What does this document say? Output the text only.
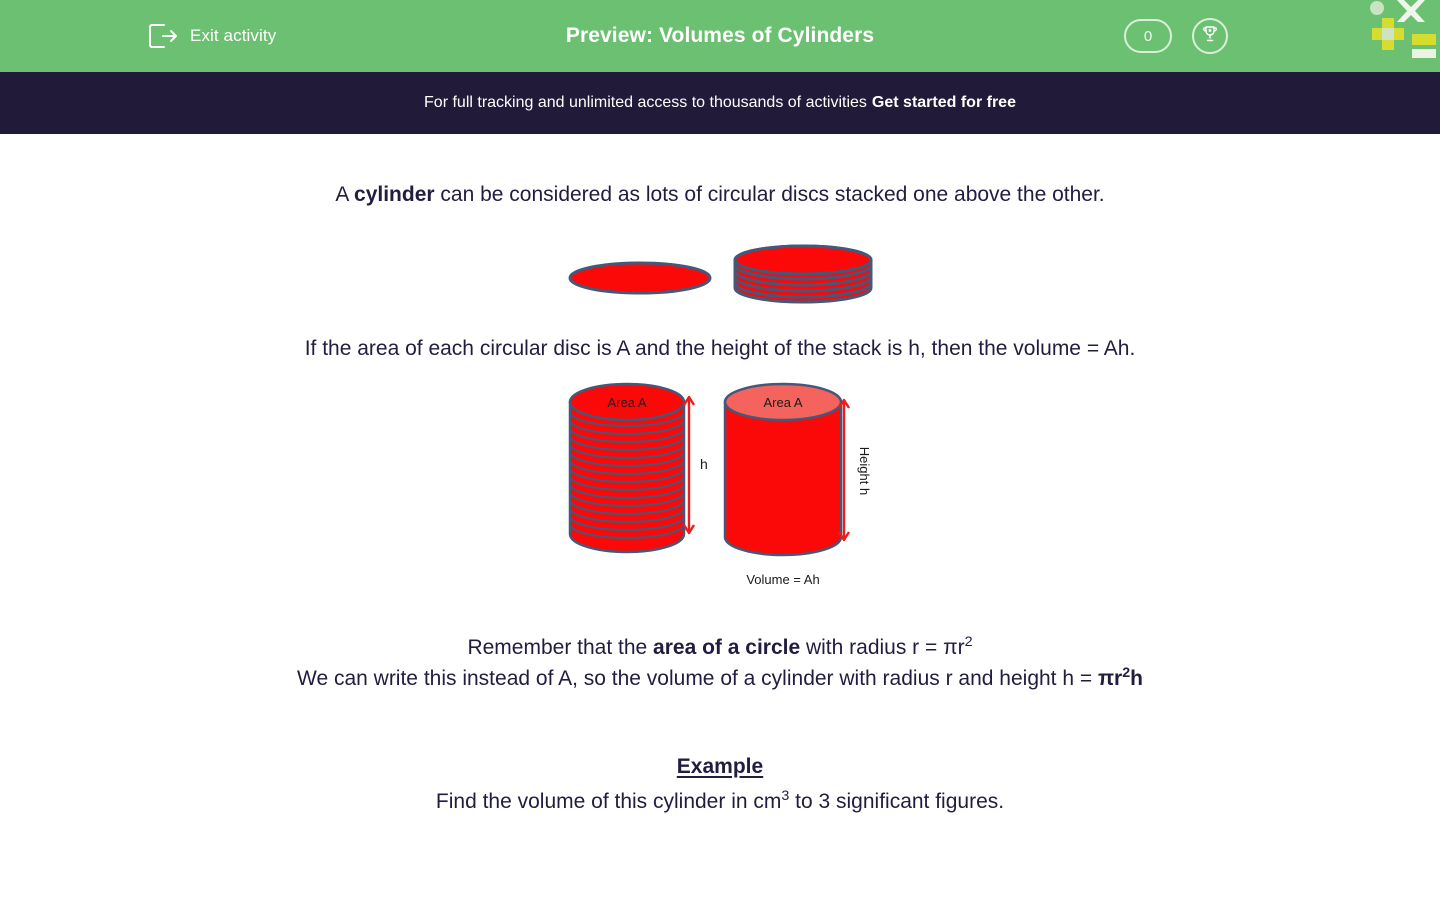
Exit activity	Preview: Volumes of Cylinders	0
For full tracking and unlimited access to thousands of activities Get started for free
A cylinder can be considered as lots of circular discs stacked one above the other.
If the area of each circular disc is A and the height of the stack is h, then the volume = Ah.
Area A
h
Area A
Height h
Volume = Ah
Remember that the area of a circle with radius $r = \pi r^2$
We can write this instead of A, so the volume of a cylinder with radius r and height $h = \pi r^2h$
Example
Find the volume of this cylinder in $cm^3$ to 3 significant figures.
